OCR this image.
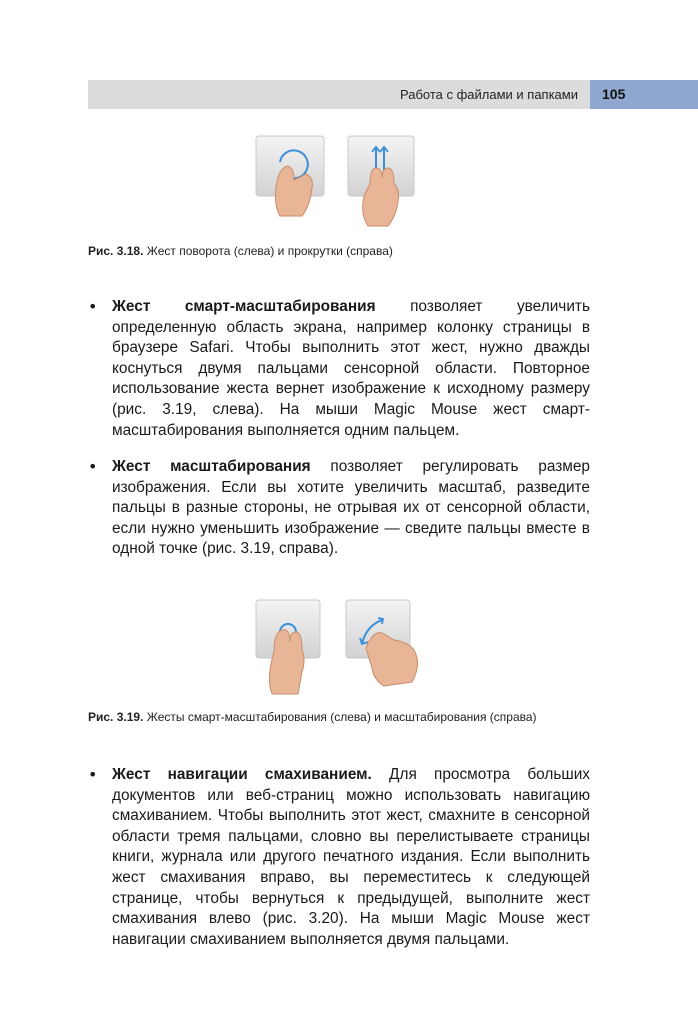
Работа с файлами и папками 105
Рис. 3.18. Жест поворота (слева) и прокрутки (справа)
• Жест смарт-масштабирования позволяет увеличить определенную область экрана, например колонку страницы в браузере Safari. Чтобы выполнить этот жест, нужно дважды коснуться двумя пальцами сенсорной области. Повторное использование жеста вернет изображение к исходному размеру (рис. 3.19, слева). На мыши Magic Mouse жест смарт-масштабирования выполняется одним пальцем.

• Жест масштабирования позволяет регулировать размер изображения. Если вы хотите увеличить масштаб, разведите пальцы в разные стороны, не отрывая их от сенсорной области, если нужно уменьшить изображение — сведите пальцы вместе в одной точке (рис. 3.19, справа).

Рис. 3.19. Жесты смарт-масштабирования (слева) и масштабирования (справа)
• Жест навигации смахиванием. Для просмотра больших документов или веб-страниц можно использовать навигацию смахиванием. Чтобы выполнить этот жест, смахните в сенсорной области тремя пальцами, словно вы перелистываете страницы книги, журнала или другого печатного издания. Если выполнить жест смахивания вправо, вы переместитесь к следующей странице, чтобы вернуться к предыдущей, выполните жест смахивания влево (рис. 3.20). На мыши Magic Mouse жест навигации смахиванием выполняется двумя пальцами.
